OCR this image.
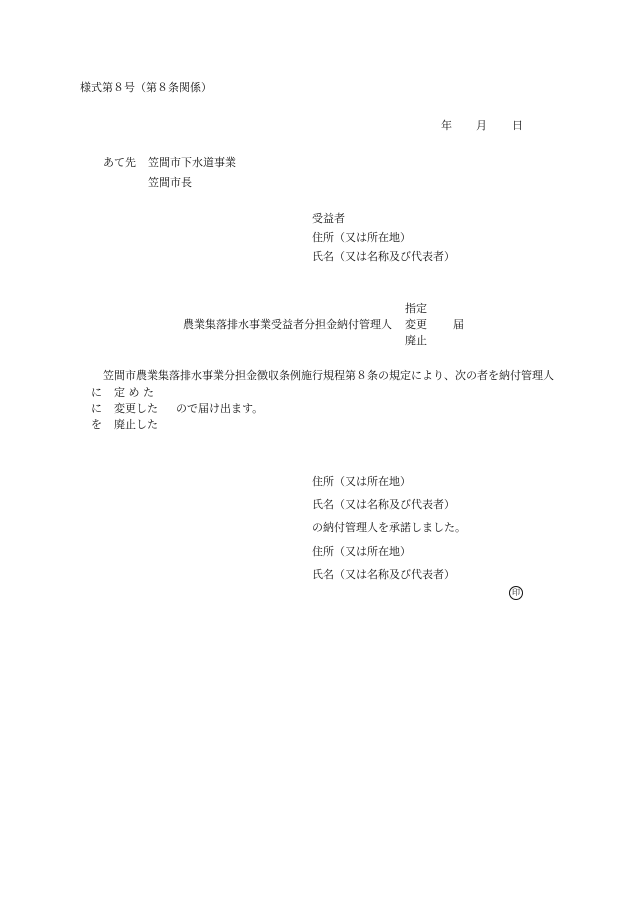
様式第８号（第８条関係）
年 月 日
あて先 笠間市下水道事業
笠間市長
受益者
住所（又は所在地）
氏名（又は名称及び代表者）
指定
農業集落排水事業受益者分担金納付管理人 変更 届
廃止
笠間市農業集落排水事業分担金徴収条例施行規程第８条の規定により、次の者を納付管理人
に 定 め た
に 変更した ので届け出ます。
を 廃止した
住所（又は所在地）
氏名（又は名称及び代表者）
の納付管理人を承諾しました。
住所（又は所在地）
氏名（又は名称及び代表者）
印
